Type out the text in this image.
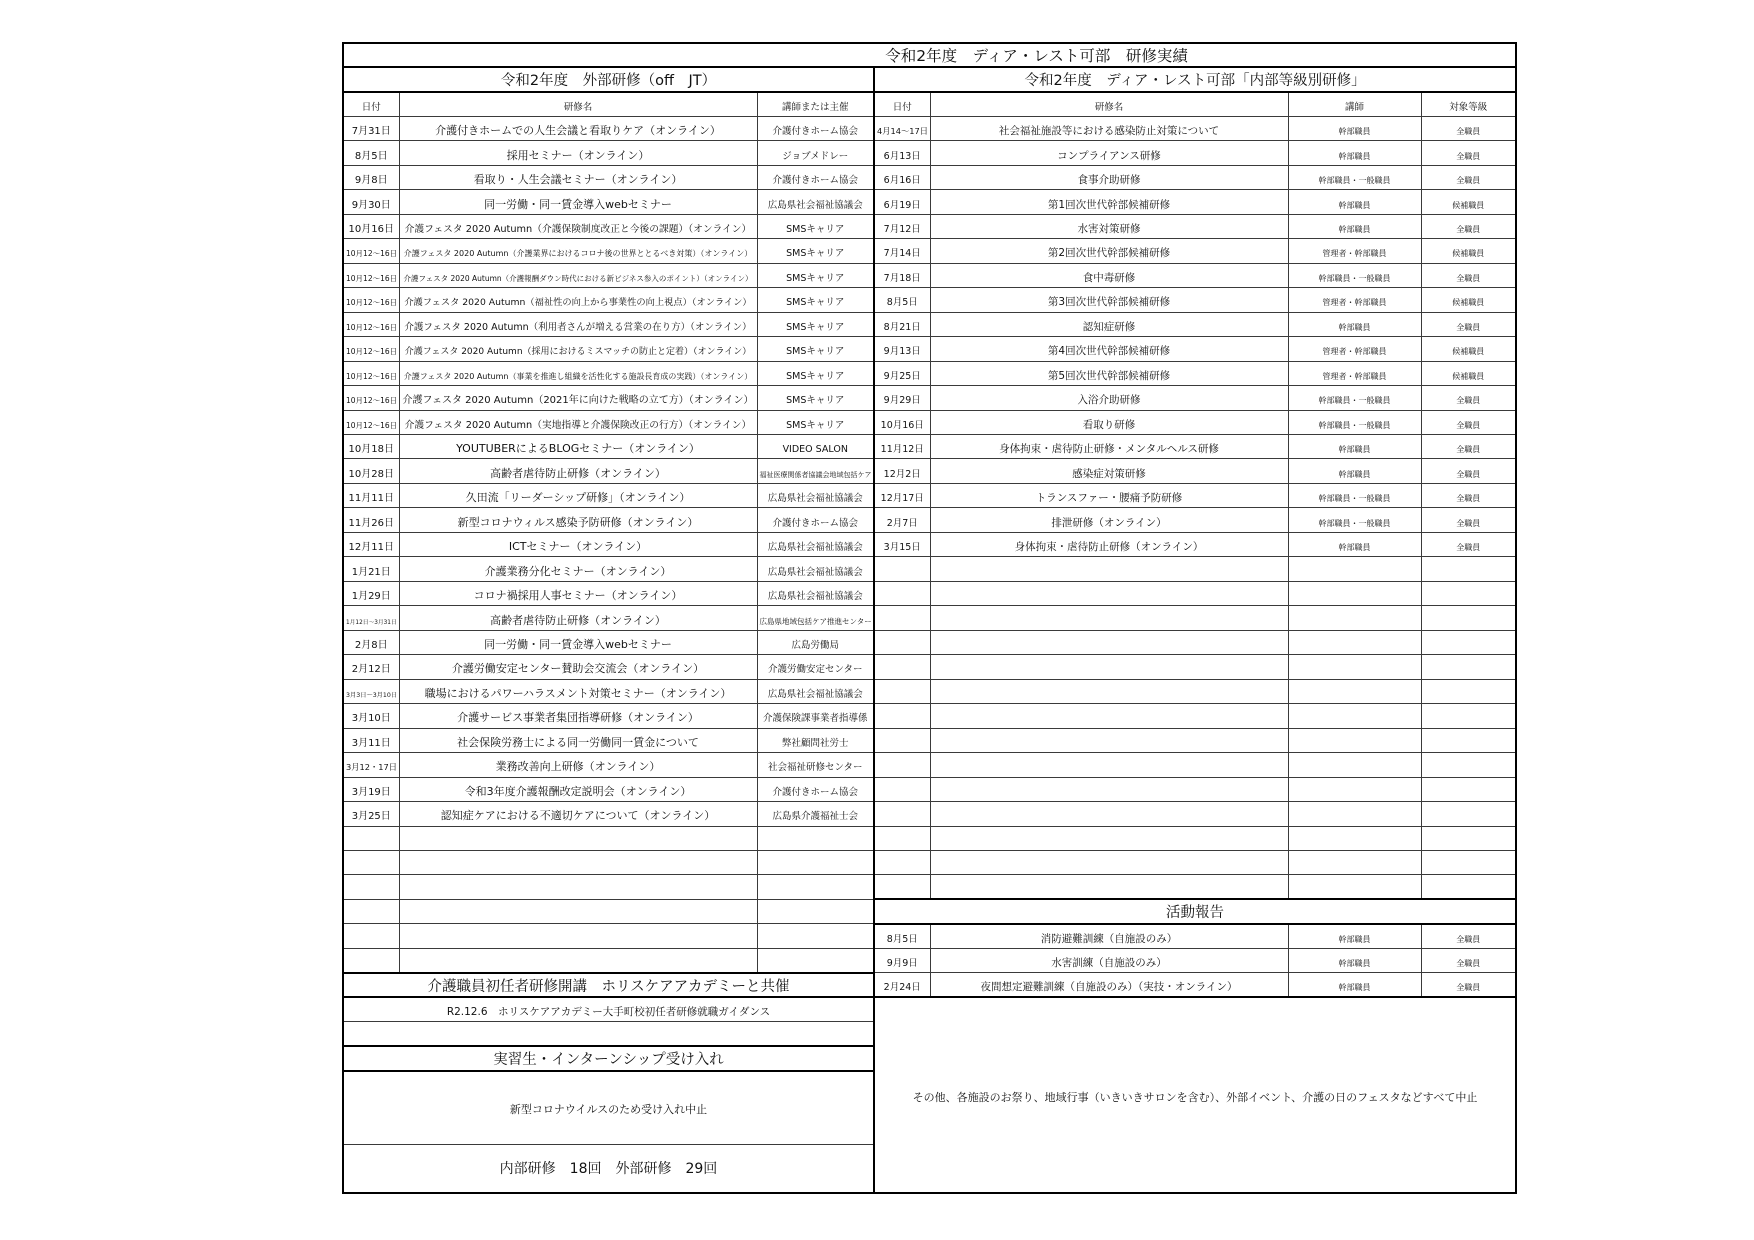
令和2年度　ディア・レスト可部　研修実績						
令和2年度　外部研修（off　JT）			令和2年度　ディア・レスト可部「内部等級別研修」			
日付	研修名	講師または主催	日付	研修名	講師	対象等級
7月31日	介護付きホームでの人生会議と看取りケア（オンライン）	介護付きホーム協会	4月14～17日	社会福祉施設等における感染防止対策について	幹部職員	全職員
8月5日	採用セミナー（オンライン）	ジョブメドレー	6月13日	コンプライアンス研修	幹部職員	全職員
9月8日	看取り・人生会議セミナー（オンライン）	介護付きホーム協会	6月16日	食事介助研修	幹部職員・一般職員	全職員
9月30日	同一労働・同一賃金導入webセミナー	広島県社会福祉協議会	6月19日	第1回次世代幹部候補研修	幹部職員	候補職員
10月16日	介護フェスタ 2020 Autumn（介護保険制度改正と今後の課題）（オンライン）	SMSキャリア	7月12日	水害対策研修	幹部職員	全職員
10月12～16日	介護フェスタ 2020 Autumn（介護業界におけるコロナ後の世界ととるべき対策）（オンライン）	SMSキャリア	7月14日	第2回次世代幹部候補研修	管理者・幹部職員	候補職員
10月12～16日	介護フェスタ 2020 Autumn（介護報酬ダウン時代における新ビジネス参入のポイント）（オンライン）	SMSキャリア	7月18日	食中毒研修	幹部職員・一般職員	全職員
10月12～16日	介護フェスタ 2020 Autumn（福祉性の向上から事業性の向上視点）（オンライン）	SMSキャリア	8月5日	第3回次世代幹部候補研修	管理者・幹部職員	候補職員
10月12～16日	介護フェスタ 2020 Autumn（利用者さんが増える営業の在り方）（オンライン）	SMSキャリア	8月21日	認知症研修	幹部職員	全職員
10月12～16日	介護フェスタ 2020 Autumn（採用におけるミスマッチの防止と定着）（オンライン）	SMSキャリア	9月13日	第4回次世代幹部候補研修	管理者・幹部職員	候補職員
10月12～16日	介護フェスタ 2020 Autumn（事業を推進し組織を活性化する施設長育成の実践）（オンライン）	SMSキャリア	9月25日	第5回次世代幹部候補研修	管理者・幹部職員	候補職員
10月12～16日	介護フェスタ 2020 Autumn（2021年に向けた戦略の立て方）（オンライン）	SMSキャリア	9月29日	入浴介助研修	幹部職員・一般職員	全職員
10月12～16日	介護フェスタ 2020 Autumn（実地指導と介護保険改正の行方）（オンライン）	SMSキャリア	10月16日	看取り研修	幹部職員・一般職員	全職員
10月18日	YOUTUBERによるBLOGセミナー（オンライン）	VIDEO SALON	11月12日	身体拘束・虐待防止研修・メンタルヘルス研修	幹部職員	全職員
10月28日	高齢者虐待防止研修（オンライン）	福祉医療関係者協議会地域包括ケア	12月2日	感染症対策研修	幹部職員	全職員
11月11日	久田流「リーダーシップ研修」（オンライン）	広島県社会福祉協議会	12月17日	トランスファー・腰痛予防研修	幹部職員・一般職員	全職員
11月26日	新型コロナウィルス感染予防研修（オンライン）	介護付きホーム協会	2月7日	排泄研修（オンライン）	幹部職員・一般職員	全職員
12月11日	ICTセミナー（オンライン）	広島県社会福祉協議会	3月15日	身体拘束・虐待防止研修（オンライン）	幹部職員	全職員
1月21日	介護業務分化セミナー（オンライン）	広島県社会福祉協議会				
1月29日	コロナ禍採用人事セミナー（オンライン）	広島県社会福祉協議会				
1月12日～3月31日	高齢者虐待防止研修（オンライン）	広島県地域包括ケア推進センター				
2月8日	同一労働・同一賃金導入webセミナー	広島労働局				
2月12日	介護労働安定センター賛助会交流会（オンライン）	介護労働安定センター				
3月3日～3月10日	職場におけるパワーハラスメント対策セミナー（オンライン）	広島県社会福祉協議会				
3月10日	介護サービス事業者集団指導研修（オンライン）	介護保険課事業者指導係				
3月11日	社会保険労務士による同一労働同一賃金について	弊社顧問社労士				
3月12・17日	業務改善向上研修（オンライン）	社会福祉研修センター				
3月19日	令和3年度介護報酬改定説明会（オンライン）	介護付きホーム協会				
3月25日	認知症ケアにおける不適切ケアについて（オンライン）	広島県介護福祉士会				

			活動報告			
			8月5日	消防避難訓練（自施設のみ）	幹部職員	全職員
			9月9日	水害訓練（自施設のみ）	幹部職員	全職員
介護職員初任者研修開講　ホリスケアアカデミーと共催			2月24日	夜間想定避難訓練（自施設のみ）（実技・オンライン）	幹部職員	全職員
R2.12.6　ホリスケアアカデミー大手町校初任者研修就職ガイダンス			その他、各施設のお祭り、地域行事（いきいきサロンを含む）、外部イベント、介護の日のフェスタなどすべて中止			

実習生・インターンシップ受け入れ						
新型コロナウイルスのため受け入れ中止						

内部研修　18回　外部研修　29回						
